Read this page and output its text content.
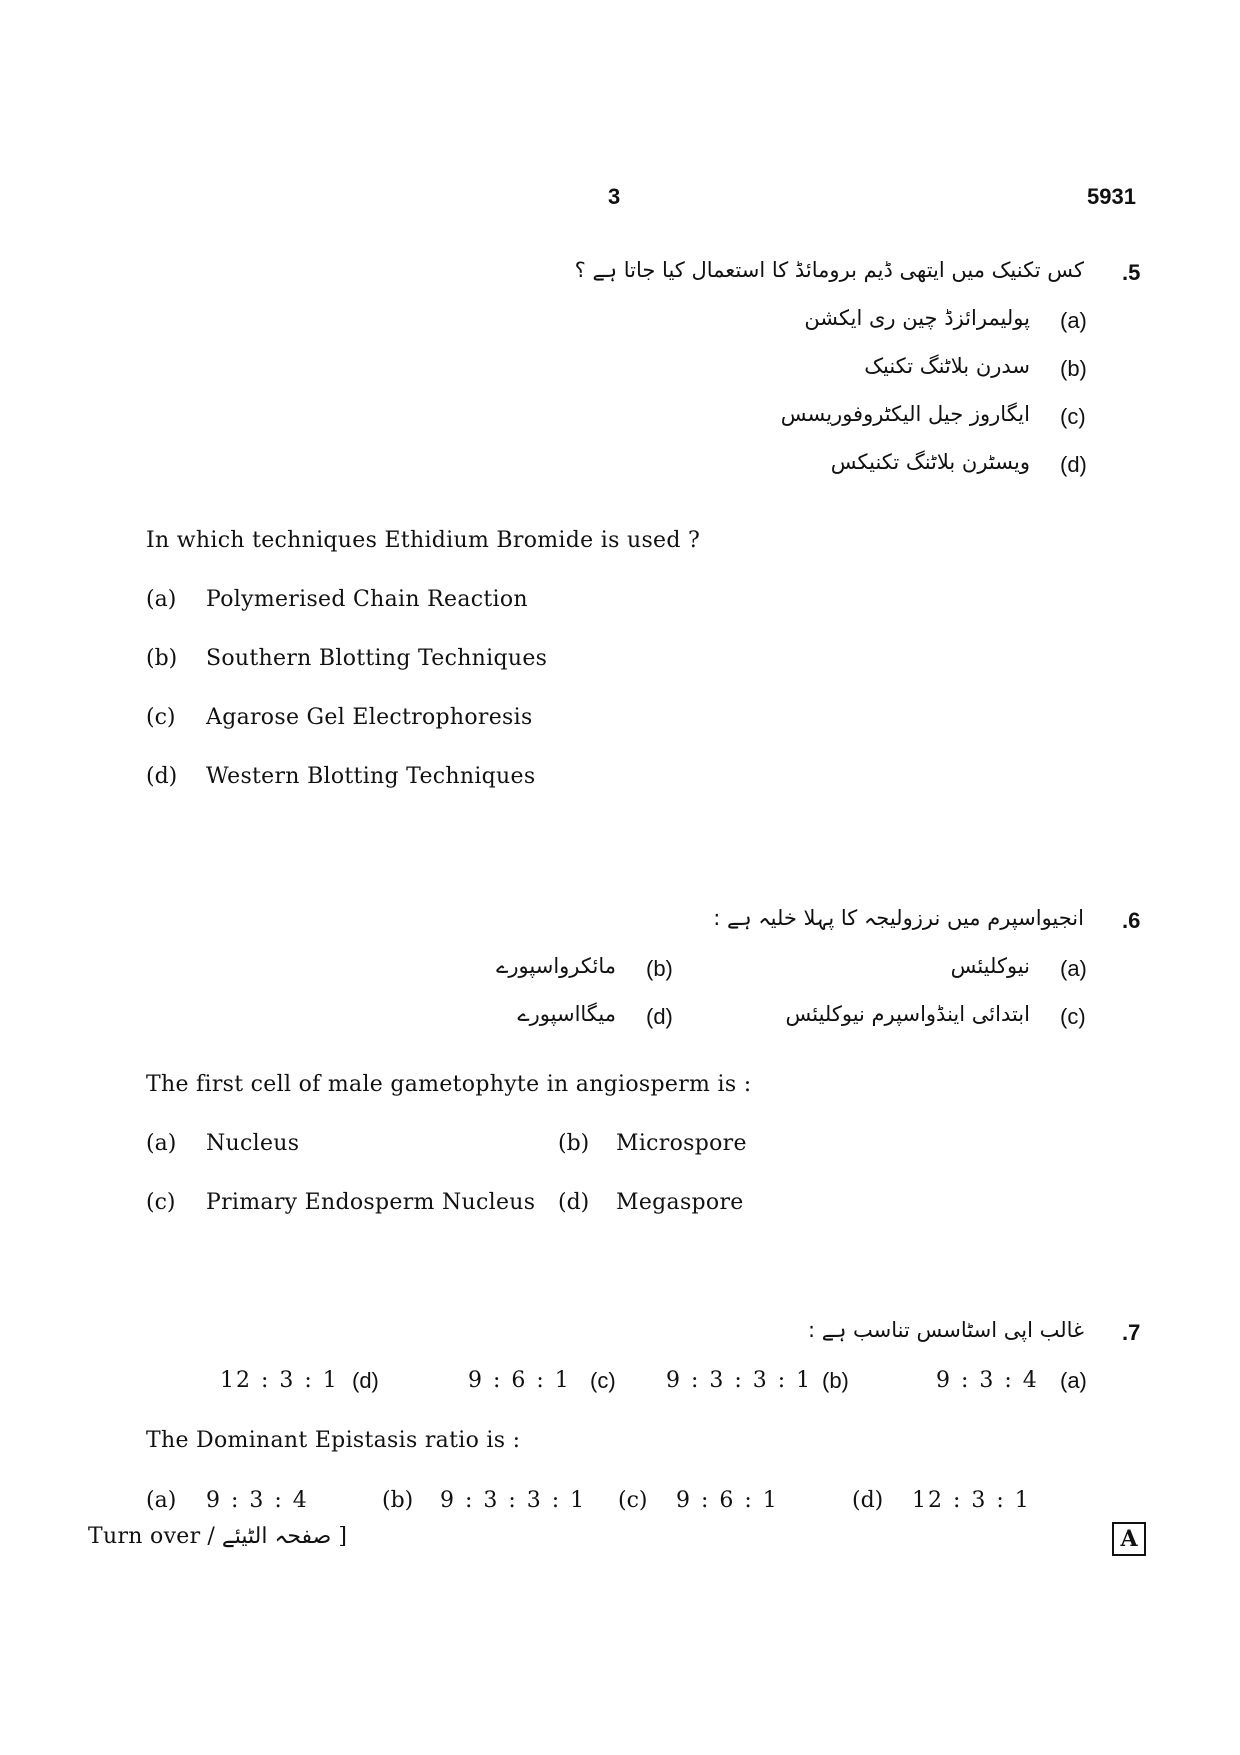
3	5931
.5
کس تکنیک میں ایتھی ڈیم برومائڈ کا استعمال کیا جاتا ہے ؟
(a)
پولیمرائزڈ چین ری ایکشن
(b)
سدرن بلاٹنگ تکنیک
(c)
ایگاروز جیل الیکٹروفوریسس
(d)
ویسٹرن بلاٹنگ تکنیکس
In which techniques Ethidium Bromide is used ?
(a) Polymerised Chain Reaction
(b) Southern Blotting Techniques
(c) Agarose Gel Electrophoresis
(d) Western Blotting Techniques
.6
انجیواسپرم میں نرزولیجہ کا پہلا خلیہ ہے :
(a)
نیوکلیئس
(b)
مائکرواسپورے
(c)
ابتدائی اینڈواسپرم نیوکلیئس
(d)
میگااسپورے
The first cell of male gametophyte in angiosperm is :
(a) Nucleus	(b) Microspore
(c) Primary Endosperm Nucleus (d) Megaspore
.7
غالب اپی اسٹاسس تناسب ہے :
(a)
9 : 3 : 4
(b)
9 : 3 : 3 : 1
(c)
9 : 6 : 1
(d)
12 : 3 : 1
The Dominant Epistasis ratio is :
(a) 9 : 3 : 4	(b) 9 : 3 : 3 : 1 (c) 9 : 6 : 1	(d) 12 : 3 : 1
[ صفحہ الٹیئے / Turn over	A
